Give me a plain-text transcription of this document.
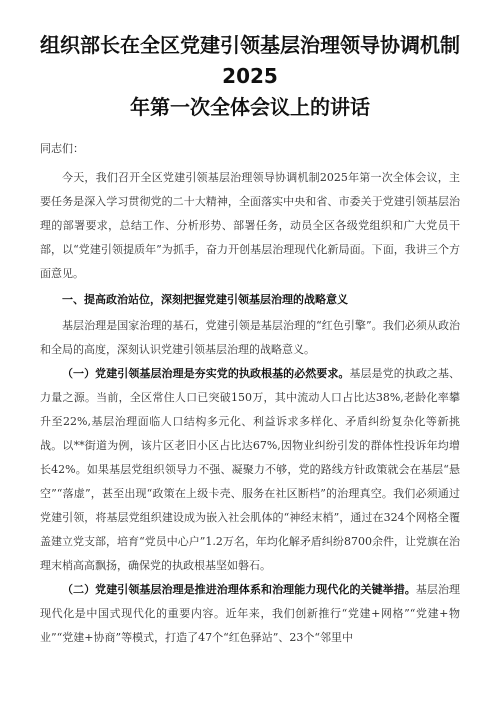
组织部长在全区党建引领基层治理领导协调机制2025
年第一次全体会议上的讲话
同志们：

今天，我们召开全区党建引领基层治理领导协调机制2025年第一次全体会议，主要任务是深入学习贯彻党的二十大精神，全面落实中央和省、市委关于党建引领基层治理的部署要求，总结工作、分析形势、部署任务，动员全区各级党组织和广大党员干部，以“党建引领提质年”为抓手，奋力开创基层治理现代化新局面。下面，我讲三个方面意见。

一、提高政治站位，深刻把握党建引领基层治理的战略意义

基层治理是国家治理的基石，党建引领是基层治理的“红色引擎”。我们必须从政治和全局的高度，深刻认识党建引领基层治理的战略意义。

（一）党建引领基层治理是夯实党的执政根基的必然要求。基层是党的执政之基、力量之源。当前，全区常住人口已突破150万，其中流动人口占比达38%,老龄化率攀升至22%,基层治理面临人口结构多元化、利益诉求多样化、矛盾纠纷复杂化等新挑战。以**街道为例，该片区老旧小区占比达67%,因物业纠纷引发的群体性投诉年均增长42%。如果基层党组织领导力不强、凝聚力不够，党的路线方针政策就会在基层“悬空”“落虚”，甚至出现“政策在上级卡壳、服务在社区断档”的治理真空。我们必须通过党建引领，将基层党组织建设成为嵌入社会肌体的“神经末梢”，通过在324个网格全覆盖建立党支部，培育“党员中心户”1.2万名，年均化解矛盾纠纷8700余件，让党旗在治理末梢高高飘扬，确保党的执政根基坚如磐石。

（二）党建引领基层治理是推进治理体系和治理能力现代化的关键举措。基层治理现代化是中国式现代化的重要内容。近年来，我们创新推行“党建+网格”“党建+物业”“党建+协商”等模式，打造了47个“红色驿站”、23个“邻里中
